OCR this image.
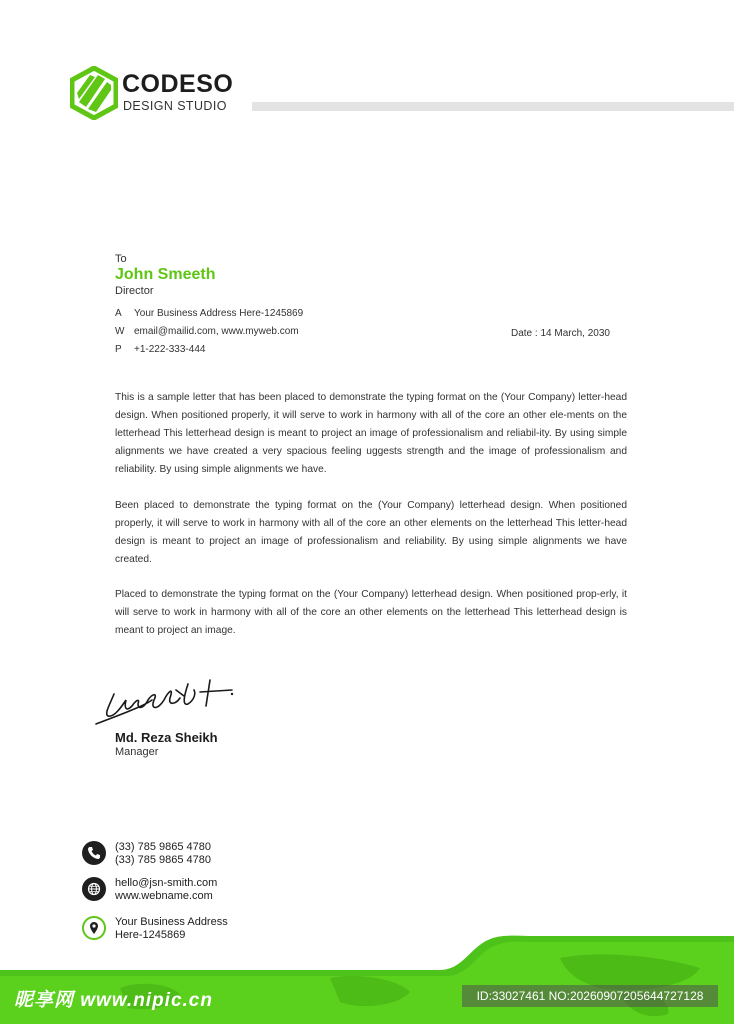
CODESO
DESIGN STUDIO
To
John Smeeth
Director
A Your Business Address Here-1245869
W email@mailid.com, www.myweb.com
P +1-222-333-444
Date : 14 March, 2030
This is a sample letter that has been placed to demonstrate the typing format on the (Your Company) letter-head design. When positioned properly, it will serve to work in harmony with all of the core an other ele-ments on the letterhead This letterhead design is meant to project an image of professionalism and reliabil-ity. By using simple alignments we have created a very spacious feeling uggests strength and the image of professionalism and reliability. By using simple alignments we have.
Been placed to demonstrate the typing format on the (Your Company) letterhead design. When positioned properly, it will serve to work in harmony with all of the core an other elements on the letterhead This letter-head design is meant to project an image of professionalism and reliability. By using simple alignments we have created.
Placed to demonstrate the typing format on the (Your Company) letterhead design. When positioned prop-erly, it will serve to work in harmony with all of the core an other elements on the letterhead This letterhead design is meant to project an image.
Md. Reza Sheikh
Manager
(33) 785 9865 4780
(33) 785 9865 4780
hello@jsn-smith.com
www.webname.com
Your Business Address
Here-1245869
昵享网 www.nipic.cn	ID:33027461 NO:20260907205644727128
